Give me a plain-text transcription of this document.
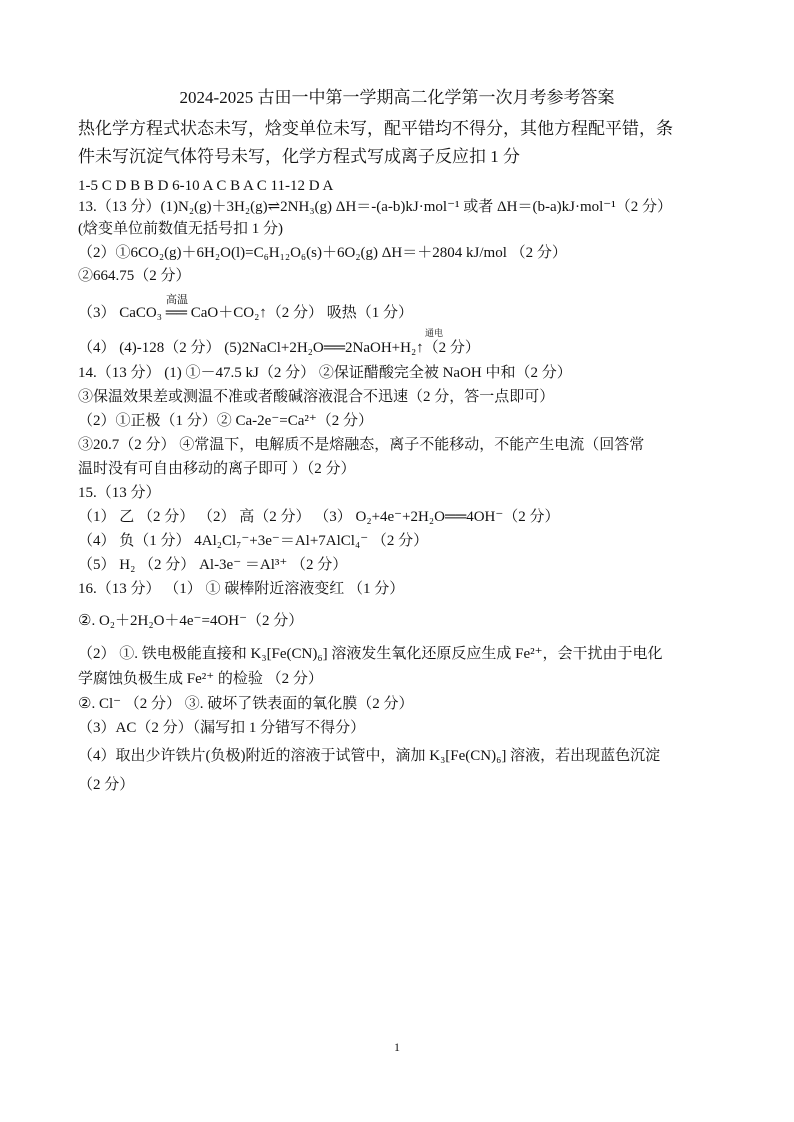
2024-2025 古田一中第一学期高二化学第一次月考参考答案
热化学方程式状态未写，焓变单位未写，配平错均不得分，其他方程配平错，条
件未写沉淀气体符号未写，化学方程式写成离子反应扣 1 分
1-5 C D B B D 6-10 A C B A C 11-12 D A
13.（13 分）(1)N₂(g)＋3H₂(g)⇌2NH₃(g) ΔH＝-(a-b)kJ·mol⁻¹ 或者 ΔH＝(b-a)kJ·mol⁻¹（2 分）
(焓变单位前数值无括号扣 1 分)
（2）①6CO₂(g)＋6H₂O(l)=C₆H₁₂O₆(s)＋6O₂(g) ΔH＝＋2804 kJ/mol （2 分）
②664.75（2 分）
高温
（3） CaCO₃ ══ CaO＋CO₂↑（2 分） 吸热（1 分）
通电
（4） (4)-128（2 分） (5)2NaCl+2H₂O══2NaOH+H₂↑（2 分）
14.（13 分） (1) ①－47.5 kJ（2 分） ②保证醋酸完全被 NaOH 中和（2 分）
③保温效果差或测温不准或者酸碱溶液混合不迅速（2 分，答一点即可）
（2）①正极（1 分）② Ca-2e⁻=Ca²⁺（2 分）
③20.7（2 分） ④常温下，电解质不是熔融态，离子不能移动，不能产生电流（回答常
温时没有可自由移动的离子即可 ）（2 分）
15.（13 分）
（1） 乙 （2 分） （2） 高（2 分） （3） O₂+4e⁻+2H₂O══4OH⁻（2 分）
（4） 负（1 分） 4Al₂Cl₇⁻+3e⁻＝Al+7AlCl₄⁻ （2 分）
（5） H₂ （2 分） Al-3e⁻ ＝Al³⁺ （2 分）
16.（13 分） （1） ① 碳棒附近溶液变红 （1 分）
②. O₂＋2H₂O＋4e⁻=4OH⁻（2 分）
（2） ①. 铁电极能直接和 K₃[Fe(CN)₆] 溶液发生氧化还原反应生成 Fe²⁺，会干扰由于电化
学腐蚀负极生成 Fe²⁺ 的检验 （2 分）
②. Cl⁻ （2 分） ③. 破坏了铁表面的氧化膜（2 分）
（3）AC（2 分）（漏写扣 1 分错写不得分）
（4）取出少许铁片(负极)附近的溶液于试管中，滴加 K₃[Fe(CN)₆] 溶液，若出现蓝色沉淀
（2 分）
1
